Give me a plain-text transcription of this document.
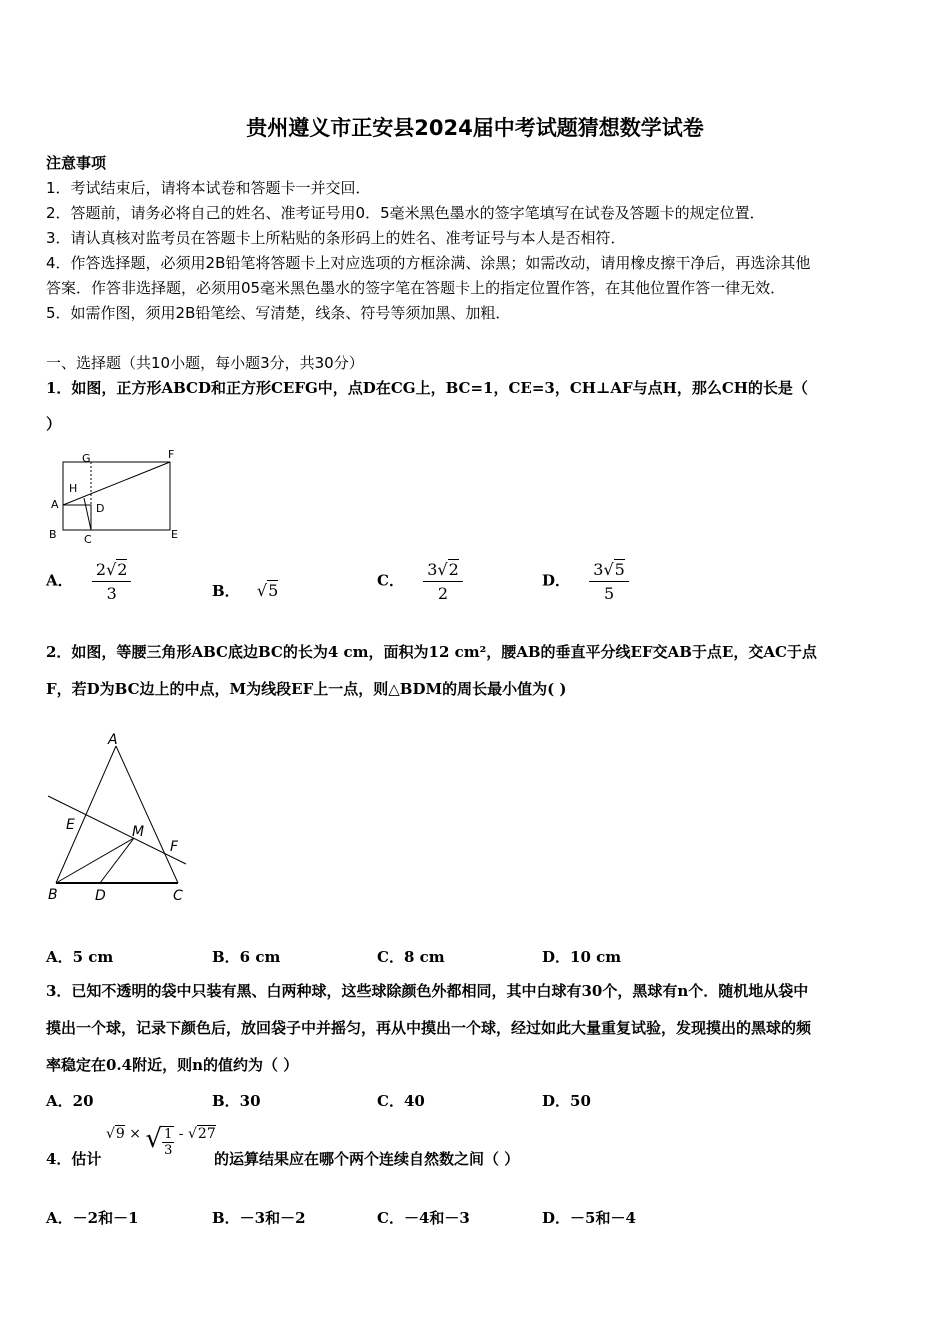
贵州遵义市正安县2024届中考试题猜想数学试卷
注意事项
1．考试结束后，请将本试卷和答题卡一并交回．
2．答题前，请务必将自己的姓名、准考证号用0．5毫米黑色墨水的签字笔填写在试卷及答题卡的规定位置．
3．请认真核对监考员在答题卡上所粘贴的条形码上的姓名、准考证号与本人是否相符．
4．作答选择题，必须用2B铅笔将答题卡上对应选项的方框涂满、涂黑；如需改动，请用橡皮擦干净后，再选涂其他
答案．作答非选择题，必须用05毫米黑色墨水的签字笔在答题卡上的指定位置作答，在其他位置作答一律无效．
5．如需作图，须用2B铅笔绘、写清楚，线条、符号等须加黑、加粗．
一、选择题（共10小题，每小题3分，共30分）
1．如图，正方形ABCD和正方形CEFG中，点D在CG上，BC=1，CE=3，CH⊥AF与点H，那么CH的长是（
）
G	F
H
A	D
B C	E
A． $\frac{2√2}{3}$	B． √5
C． $\frac{3√2}{2}$	D． $\frac{3√5}{5}$
2．如图，等腰三角形ABC底边BC的长为4 cm，面积为12 cm²，腰AB的垂直平分线EF交AB于点E，交AC于点
F，若D为BC边上的中点，M为线段EF上一点，则△BDM的周长最小值为( )
A
E	M
F
B	D	C
A．5 cm	B．6 cm	C．8 cm	D．10 cm
3．已知不透明的袋中只装有黑、白两种球，这些球除颜色外都相同，其中白球有30个，黑球有n个．随机地从袋中
摸出一个球，记录下颜色后，放回袋子中并摇匀，再从中摸出一个球，经过如此大量重复试验，发现摸出的黑球的频
率稳定在0.4附近，则n的值约为（ ）
A．20	B．30	C．40	D．50
4．估计
√9 × √ $\frac{1}{3} - √27$
的运算结果应在哪个两个连续自然数之间（ ）
A．－2和－1	B．－3和－2	C．－4和－3	D．－5和－4
